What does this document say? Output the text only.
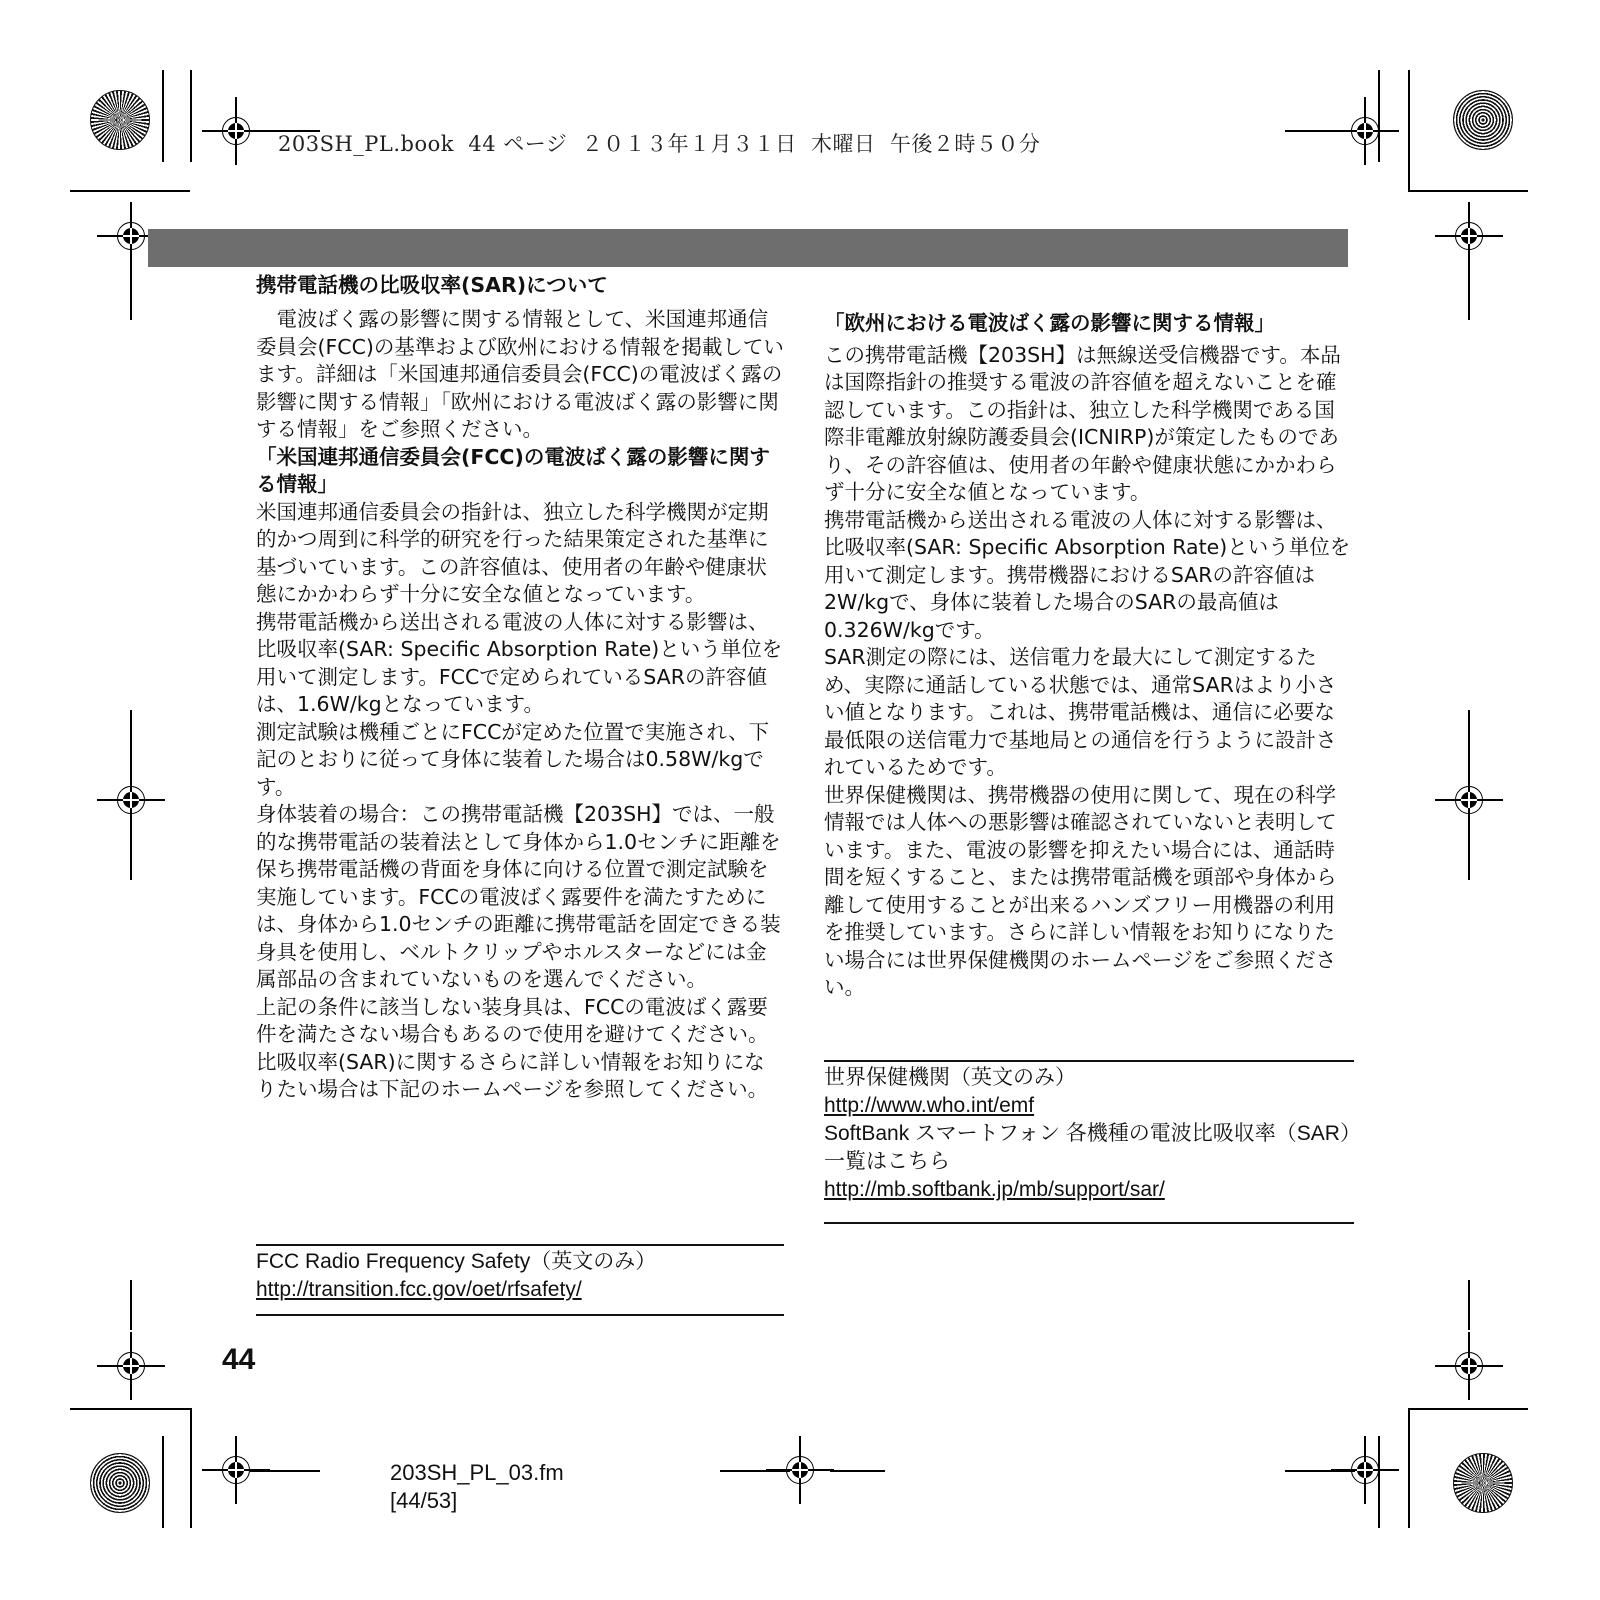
203SH_PL.book  44 ページ  ２０１３年１月３１日  木曜日  午後２時５０分
携帯電話機の比吸収率(SAR)について

電波ばく露の影響に関する情報として、米国連邦通信委員会(FCC)の基準および欧州における情報を掲載しています。詳細は「米国連邦通信委員会(FCC)の電波ばく露の影響に関する情報」「欧州における電波ばく露の影響に関する情報」をご参照ください。

「米国連邦通信委員会(FCC)の電波ばく露の影響に関する情報」

米国連邦通信委員会の指針は、独立した科学機関が定期的かつ周到に科学的研究を行った結果策定された基準に基づいています。この許容値は、使用者の年齢や健康状態にかかわらず十分に安全な値となっています。

携帯電話機から送出される電波の人体に対する影響は、比吸収率(SAR: Specific Absorption Rate)という単位を用いて測定します。FCCで定められているSARの許容値は、1.6W/kgとなっています。

測定試験は機種ごとにFCCが定めた位置で実施され、下記のとおりに従って身体に装着した場合は0.58W/kgです。

身体装着の場合：この携帯電話機【203SH】では、一般的な携帯電話の装着法として身体から1.0センチに距離を保ち携帯電話機の背面を身体に向ける位置で測定試験を実施しています。FCCの電波ばく露要件を満たすためには、身体から1.0センチの距離に携帯電話を固定できる装身具を使用し、ベルトクリップやホルスターなどには金属部品の含まれていないものを選んでください。

上記の条件に該当しない装身具は、FCCの電波ばく露要件を満たさない場合もあるので使用を避けてください。

比吸収率(SAR)に関するさらに詳しい情報をお知りになりたい場合は下記のホームページを参照してください。

FCC Radio Frequency Safety（英文のみ）
http://transition.fcc.gov/oet/rfsafety/
「欧州における電波ばく露の影響に関する情報」

この携帯電話機【203SH】は無線送受信機器です。本品は国際指針の推奨する電波の許容値を超えないことを確認しています。この指針は、独立した科学機関である国際非電離放射線防護委員会(ICNIRP)が策定したものであり、その許容値は、使用者の年齢や健康状態にかかわらず十分に安全な値となっています。

携帯電話機から送出される電波の人体に対する影響は、比吸収率(SAR: Specific Absorption Rate)という単位を用いて測定します。携帯機器におけるSARの許容値は2W/kgで、身体に装着した場合のSARの最高値は0.326W/kgです。

SAR測定の際には、送信電力を最大にして測定するため、実際に通話している状態では、通常SARはより小さい値となります。これは、携帯電話機は、通信に必要な最低限の送信電力で基地局との通信を行うように設計されているためです。

世界保健機関は、携帯機器の使用に関して、現在の科学情報では人体への悪影響は確認されていないと表明しています。また、電波の影響を抑えたい場合には、通話時間を短くすること、または携帯電話機を頭部や身体から離して使用することが出来るハンズフリー用機器の利用を推奨しています。さらに詳しい情報をお知りになりたい場合には世界保健機関のホームページをご参照ください。

世界保健機関（英文のみ）
http://www.who.int/emf
SoftBank スマートフォン 各機種の電波比吸収率（SAR）一覧はこちら
http://mb.softbank.jp/mb/support/sar/
44
203SH_PL_03.fm
[44/53]
